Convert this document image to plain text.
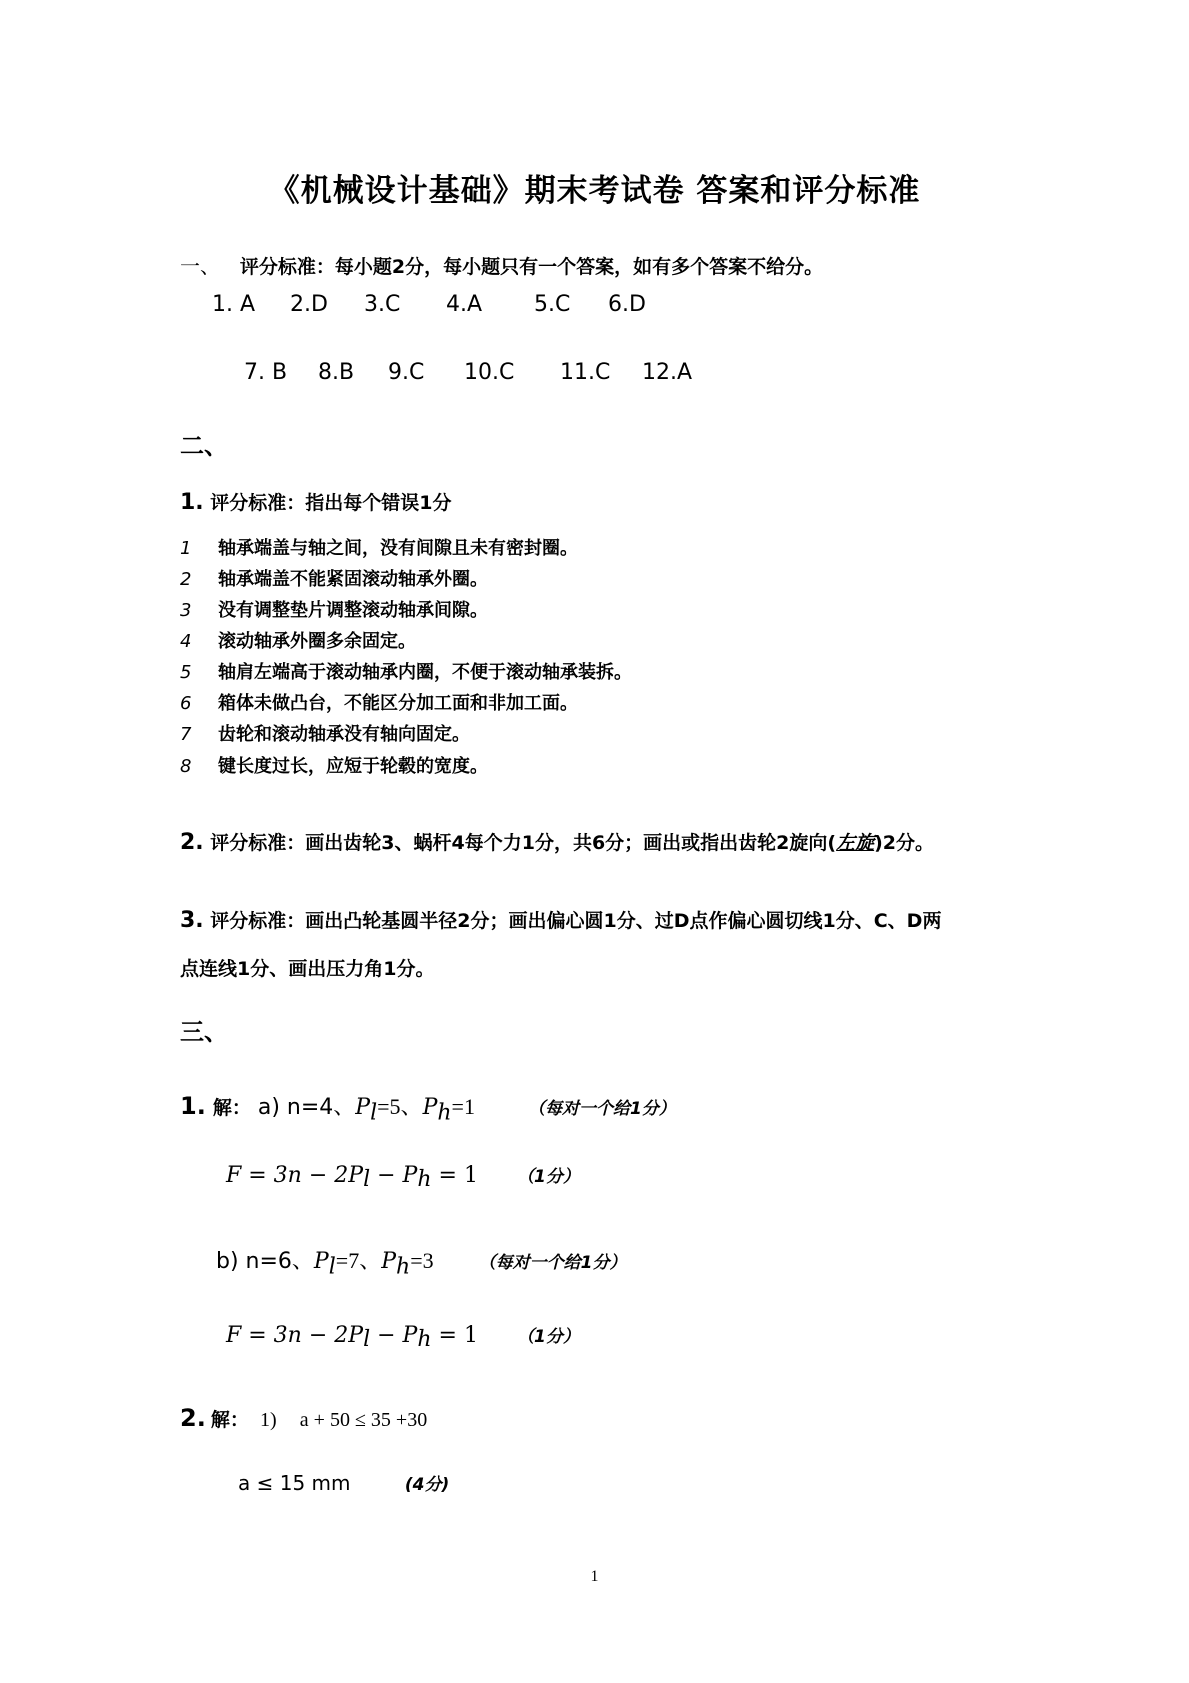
《机械设计基础》期末考试卷 答案和评分标准
一、 评分标准：每小题2分，每小题只有一个答案，如有多个答案不给分。
1. A 2.D 3.C 4.A 5.C 6.D
7. B 8.B 9.C 10.C 11.C 12.A
二、
1. 评分标准：指出每个错误1分
1 轴承端盖与轴之间，没有间隙且未有密封圈。
2 轴承端盖不能紧固滚动轴承外圈。
3 没有调整垫片调整滚动轴承间隙。
4 滚动轴承外圈多余固定。
5 轴肩左端高于滚动轴承内圈，不便于滚动轴承装拆。
6 箱体未做凸台，不能区分加工面和非加工面。
7 齿轮和滚动轴承没有轴向固定。
8 键长度过长，应短于轮毂的宽度。
2. 评分标准：画出齿轮3、蜗杆4每个力1分，共6分；画出或指出齿轮2旋向(左旋)2分。
3. 评分标准：画出凸轮基圆半径2分；画出偏心圆1分、过D点作偏心圆切线1分、C、D两
点连线1分、画出压力角1分。
三、
1. 解： a) n=4、$P_l=5$、$P_h=1$	（每对一个给1分）
$F = 3n - 2P_l - P_h = 1$ （1分）
b) n=6、$P_l=7$、$P_h=3$	（每对一个给1分）
$F = 3n - 2P_l - P_h = 1$ （1分）
2. 解： 1) a + 50 ≤ 35 +30
a ≤ 15 mm	(4分)
1
